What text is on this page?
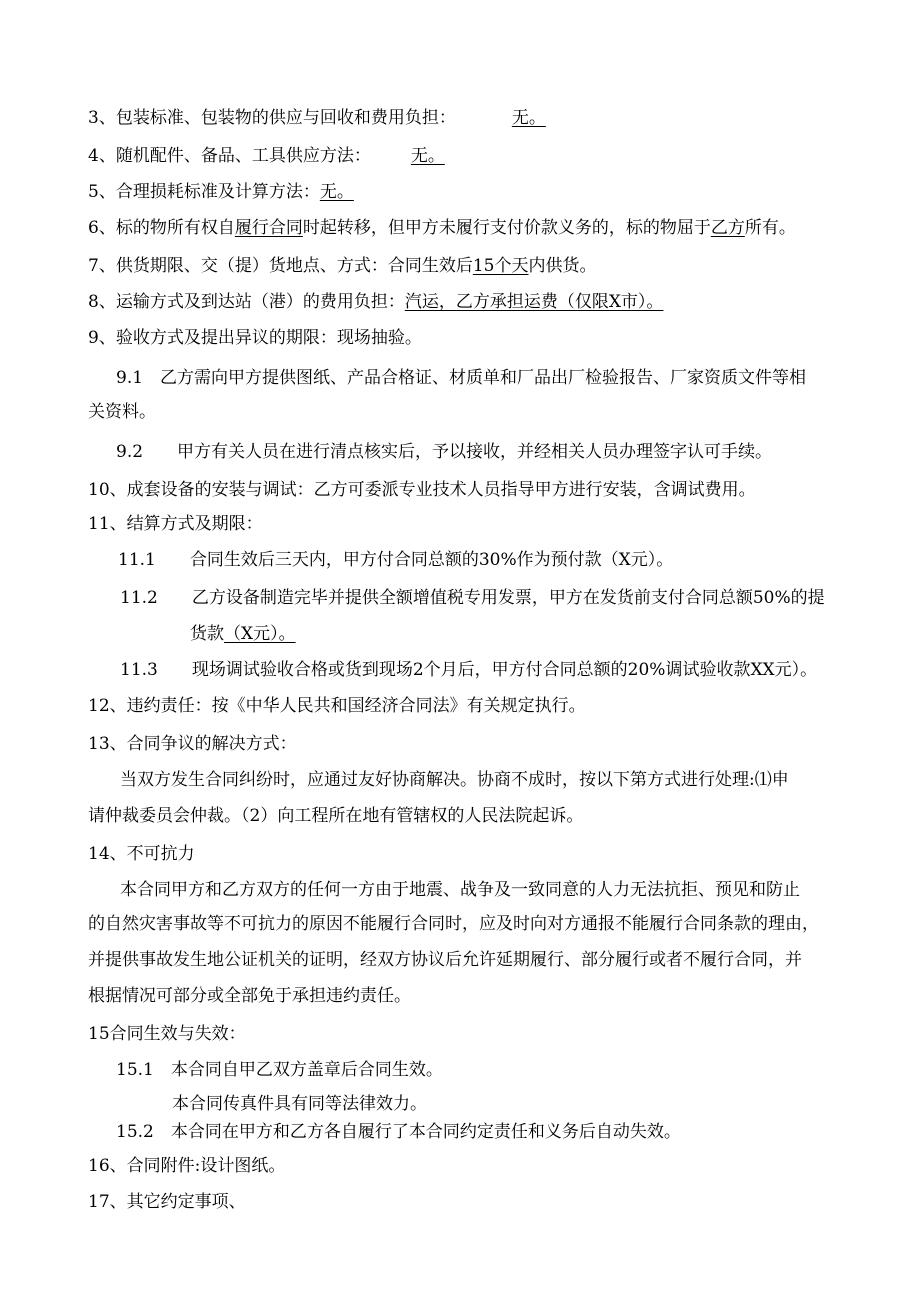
3、包装标准、包装物的供应与回收和费用负担：	无。
4、随机配件、备品、工具供应方法： 无。
5、合理损耗标准及计算方法：无。
6、标的物所有权自履行合同时起转移，但甲方未履行支付价款义务的，标的物屈于乙方所有。
7、供货期限、交（提）货地点、方式：合同生效后15个天内供货。
8、运输方式及到达站（港）的费用负担：汽运，乙方承担运费（仅限X市）。
9、验收方式及提出异议的期限：现场抽验。
9.1　乙方需向甲方提供图纸、产品合格证、材质单和厂品出厂检验报告、厂家资质文件等相
关资料。
9.2　　甲方有关人员在进行清点核实后，予以接收，并经相关人员办理签字认可手续。
10、成套设备的安装与调试：乙方可委派专业技术人员指导甲方进行安装，含调试费用。
11、结算方式及期限：
11.1　　合同生效后三天内，甲方付合同总额的30%作为预付款（X元）。
11.2　　乙方设备制造完毕并提供全额增值税专用发票，甲方在发货前支付合同总额50%的提
货款（X元）。
11.3　　现场调试验收合格或货到现场2个月后，甲方付合同总额的20%调试验收款XX元）。
12、违约责任：按《中华人民共和国经济合同法》有关规定执行。
13、合同争议的解决方式：
当双方发生合同纠纷时，应通过友好协商解决。协商不成时，按以下第方式进行处理:⑴申
请仲裁委员会仲裁。（2）向工程所在地有管辖权的人民法院起诉。
14、不可抗力
本合同甲方和乙方双方的任何一方由于地震、战争及一致同意的人力无法抗拒、预见和防止
的自然灾害事故等不可抗力的原因不能履行合同时，应及时向对方通报不能履行合同条款的理由，
并提供事故发生地公证机关的证明，经双方协议后允许延期履行、部分履行或者不履行合同，并
根据情况可部分或全部免于承担违约责任。
15合同生效与失效：
15.1　本合同自甲乙双方盖章后合同生效。
本合同传真件具有同等法律效力。
15.2　本合同在甲方和乙方各自履行了本合同约定责任和义务后自动失效。
16、合同附件:设计图纸。
17、其它约定事项、
